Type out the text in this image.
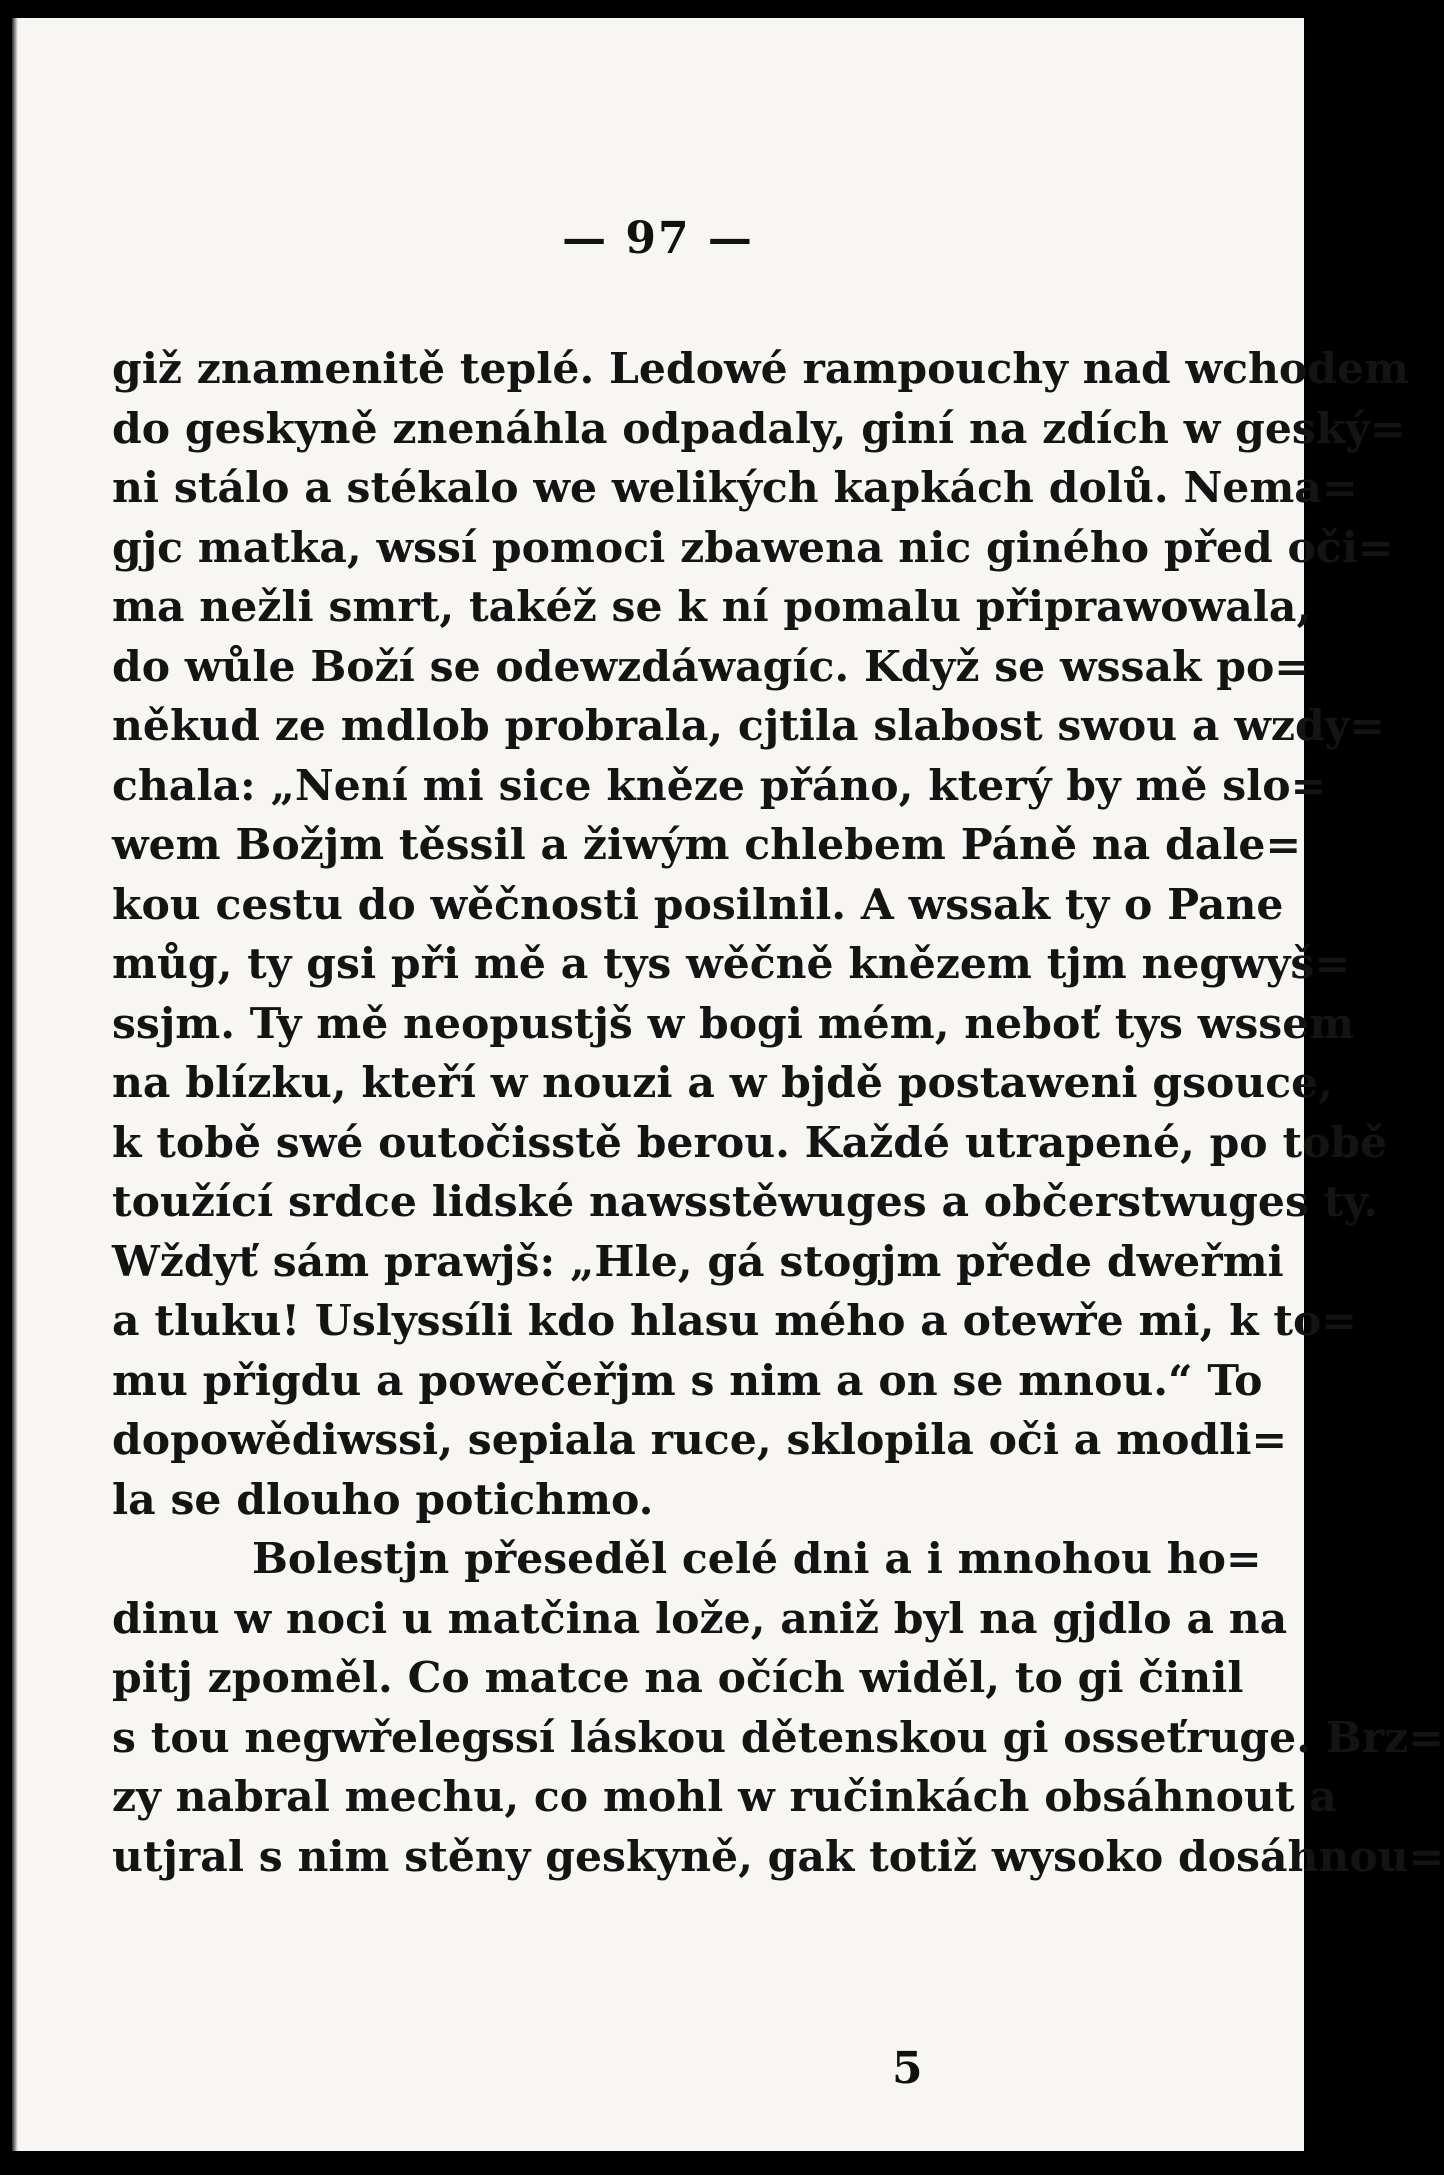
— 97 —
giž znamenitě teplé. Ledowé rampouchy nad wchodem
do geskyně znenáhla odpadaly, giní na zdích w geský=
ni stálo a stékalo we welikých kapkách dolů. Nema=
gjc matka, wssí pomoci zbawena nic giného před oči=
ma nežli smrt, takéž se k ní pomalu připrawowala,
do wůle Boží se odewzdáwagíc. Když se wssak po=
někud ze mdlob probrala, cjtila slabost swou a wzdy=
chala: „Není mi sice kněze přáno, který by mě slo=
wem Božjm těssil a žiwým chlebem Páně na dale=
kou cestu do wěčnosti posilnil. A wssak ty o Pane
můg, ty gsi při mě a tys wěčně knězem tjm negwyš=
ssjm. Ty mě neopustjš w bogi mém, neboť tys wssem
na blízku, kteří w nouzi a w bjdě postaweni gsouce,
k tobě swé outočisstě berou. Každé utrapené, po tobě
toužící srdce lidské nawsstěwuges a občerstwuges ty.
Wždyť sám prawjš: „Hle, gá stogjm přede dweřmi
a tluku! Uslyssíli kdo hlasu mého a otewře mi, k to=
mu přigdu a powečeřjm s nim a on se mnou.“ To
dopowědiwssi, sepiala ruce, sklopila oči a modli=
la se dlouho potichmo.
Bolestjn přeseděl celé dni a i mnohou ho=
dinu w noci u matčina lože, aniž byl na gjdlo a na
pitj zpoměl. Co matce na očích widěl, to gi činil
s tou negwřelegssí láskou dětenskou gi osseťruge. Brz=
zy nabral mechu, co mohl w ručinkách obsáhnout a
utjral s nim stěny geskyně, gak totiž wysoko dosáhnou=
5
